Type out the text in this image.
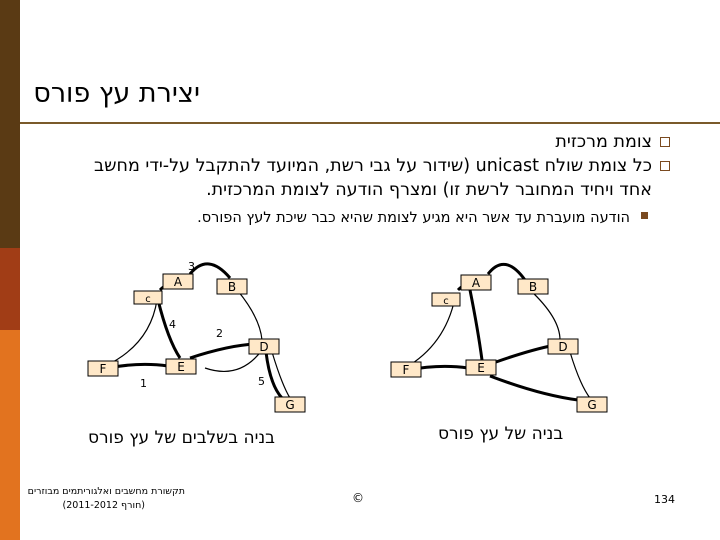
יצירת עץ פורס
צומת מרכזית
כל צומת שולח unicast (שידור על גבי רשת, המיועד להתקבל על-ידי מחשב אחד ויחיד המחובר לרשת זו) ומצרף הודעה לצומת המרכזית.
הודעה מועברת עד אשר היא מגיע לצומת שהיא כבר שיכת לעץ הפורס.
A	B
c
D
E
F
G
3
4
2
1	5
A	B
c
D
E
F
G
בניה בשלבים של עץ פורס	בניה של עץ פורס
תקשורת מחשבים ואלגוריתמים מבוזרים
(חורף 2011-2012)
©	134
